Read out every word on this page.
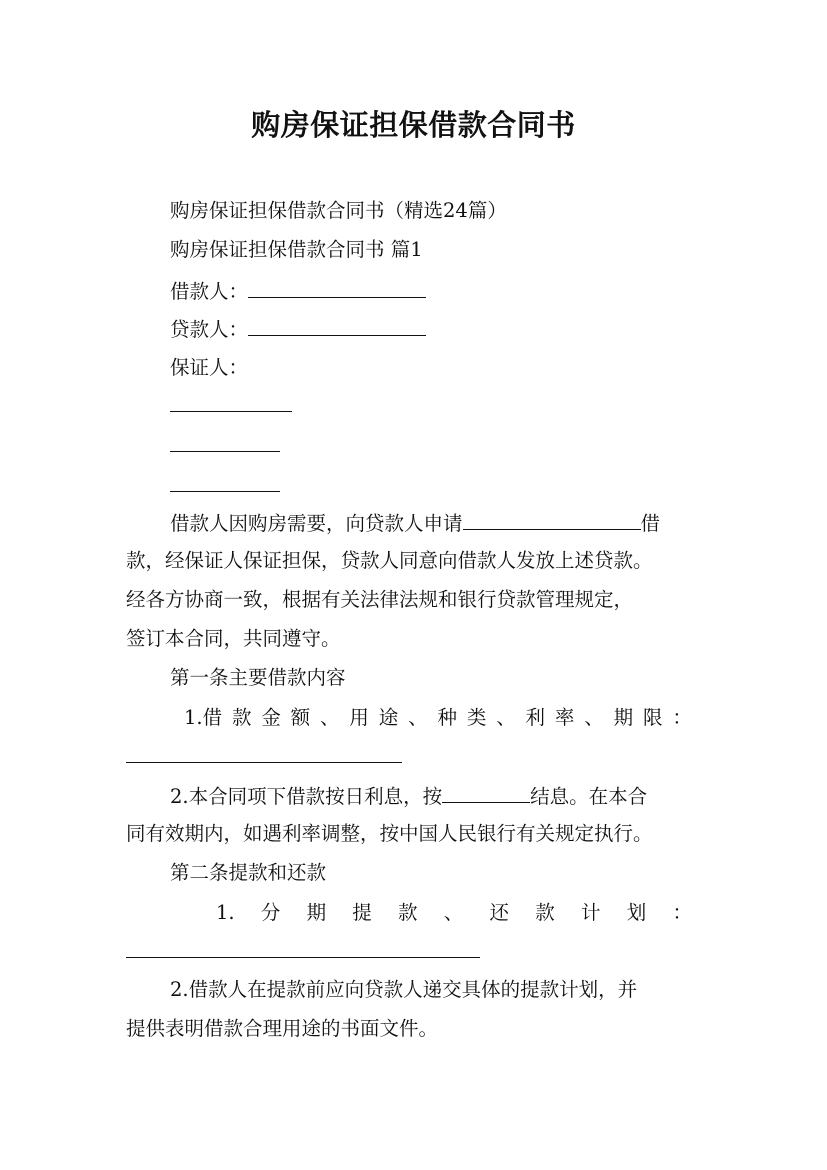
购房保证担保借款合同书
购房保证担保借款合同书（精选24篇）
购房保证担保借款合同书 篇1
借款人：
贷款人：
保证人：
借款人因购房需要，向贷款人申请	借
款，经保证人保证担保，贷款人同意向借款人发放上述贷款。
经各方协商一致，根据有关法律法规和银行贷款管理规定，
签订本合同，共同遵守。
第一条主要借款内容
1.借 款 金 额 、 用 途 、 种 类 、 利 率 、 期 限 ：
2.本合同项下借款按日利息，按	结息。在本合
同有效期内，如遇利率调整，按中国人民银行有关规定执行。
第二条提款和还款
1. 分 期 提 款 、 还 款 计 划 ：
2.借款人在提款前应向贷款人递交具体的提款计划，并
提供表明借款合理用途的书面文件。
